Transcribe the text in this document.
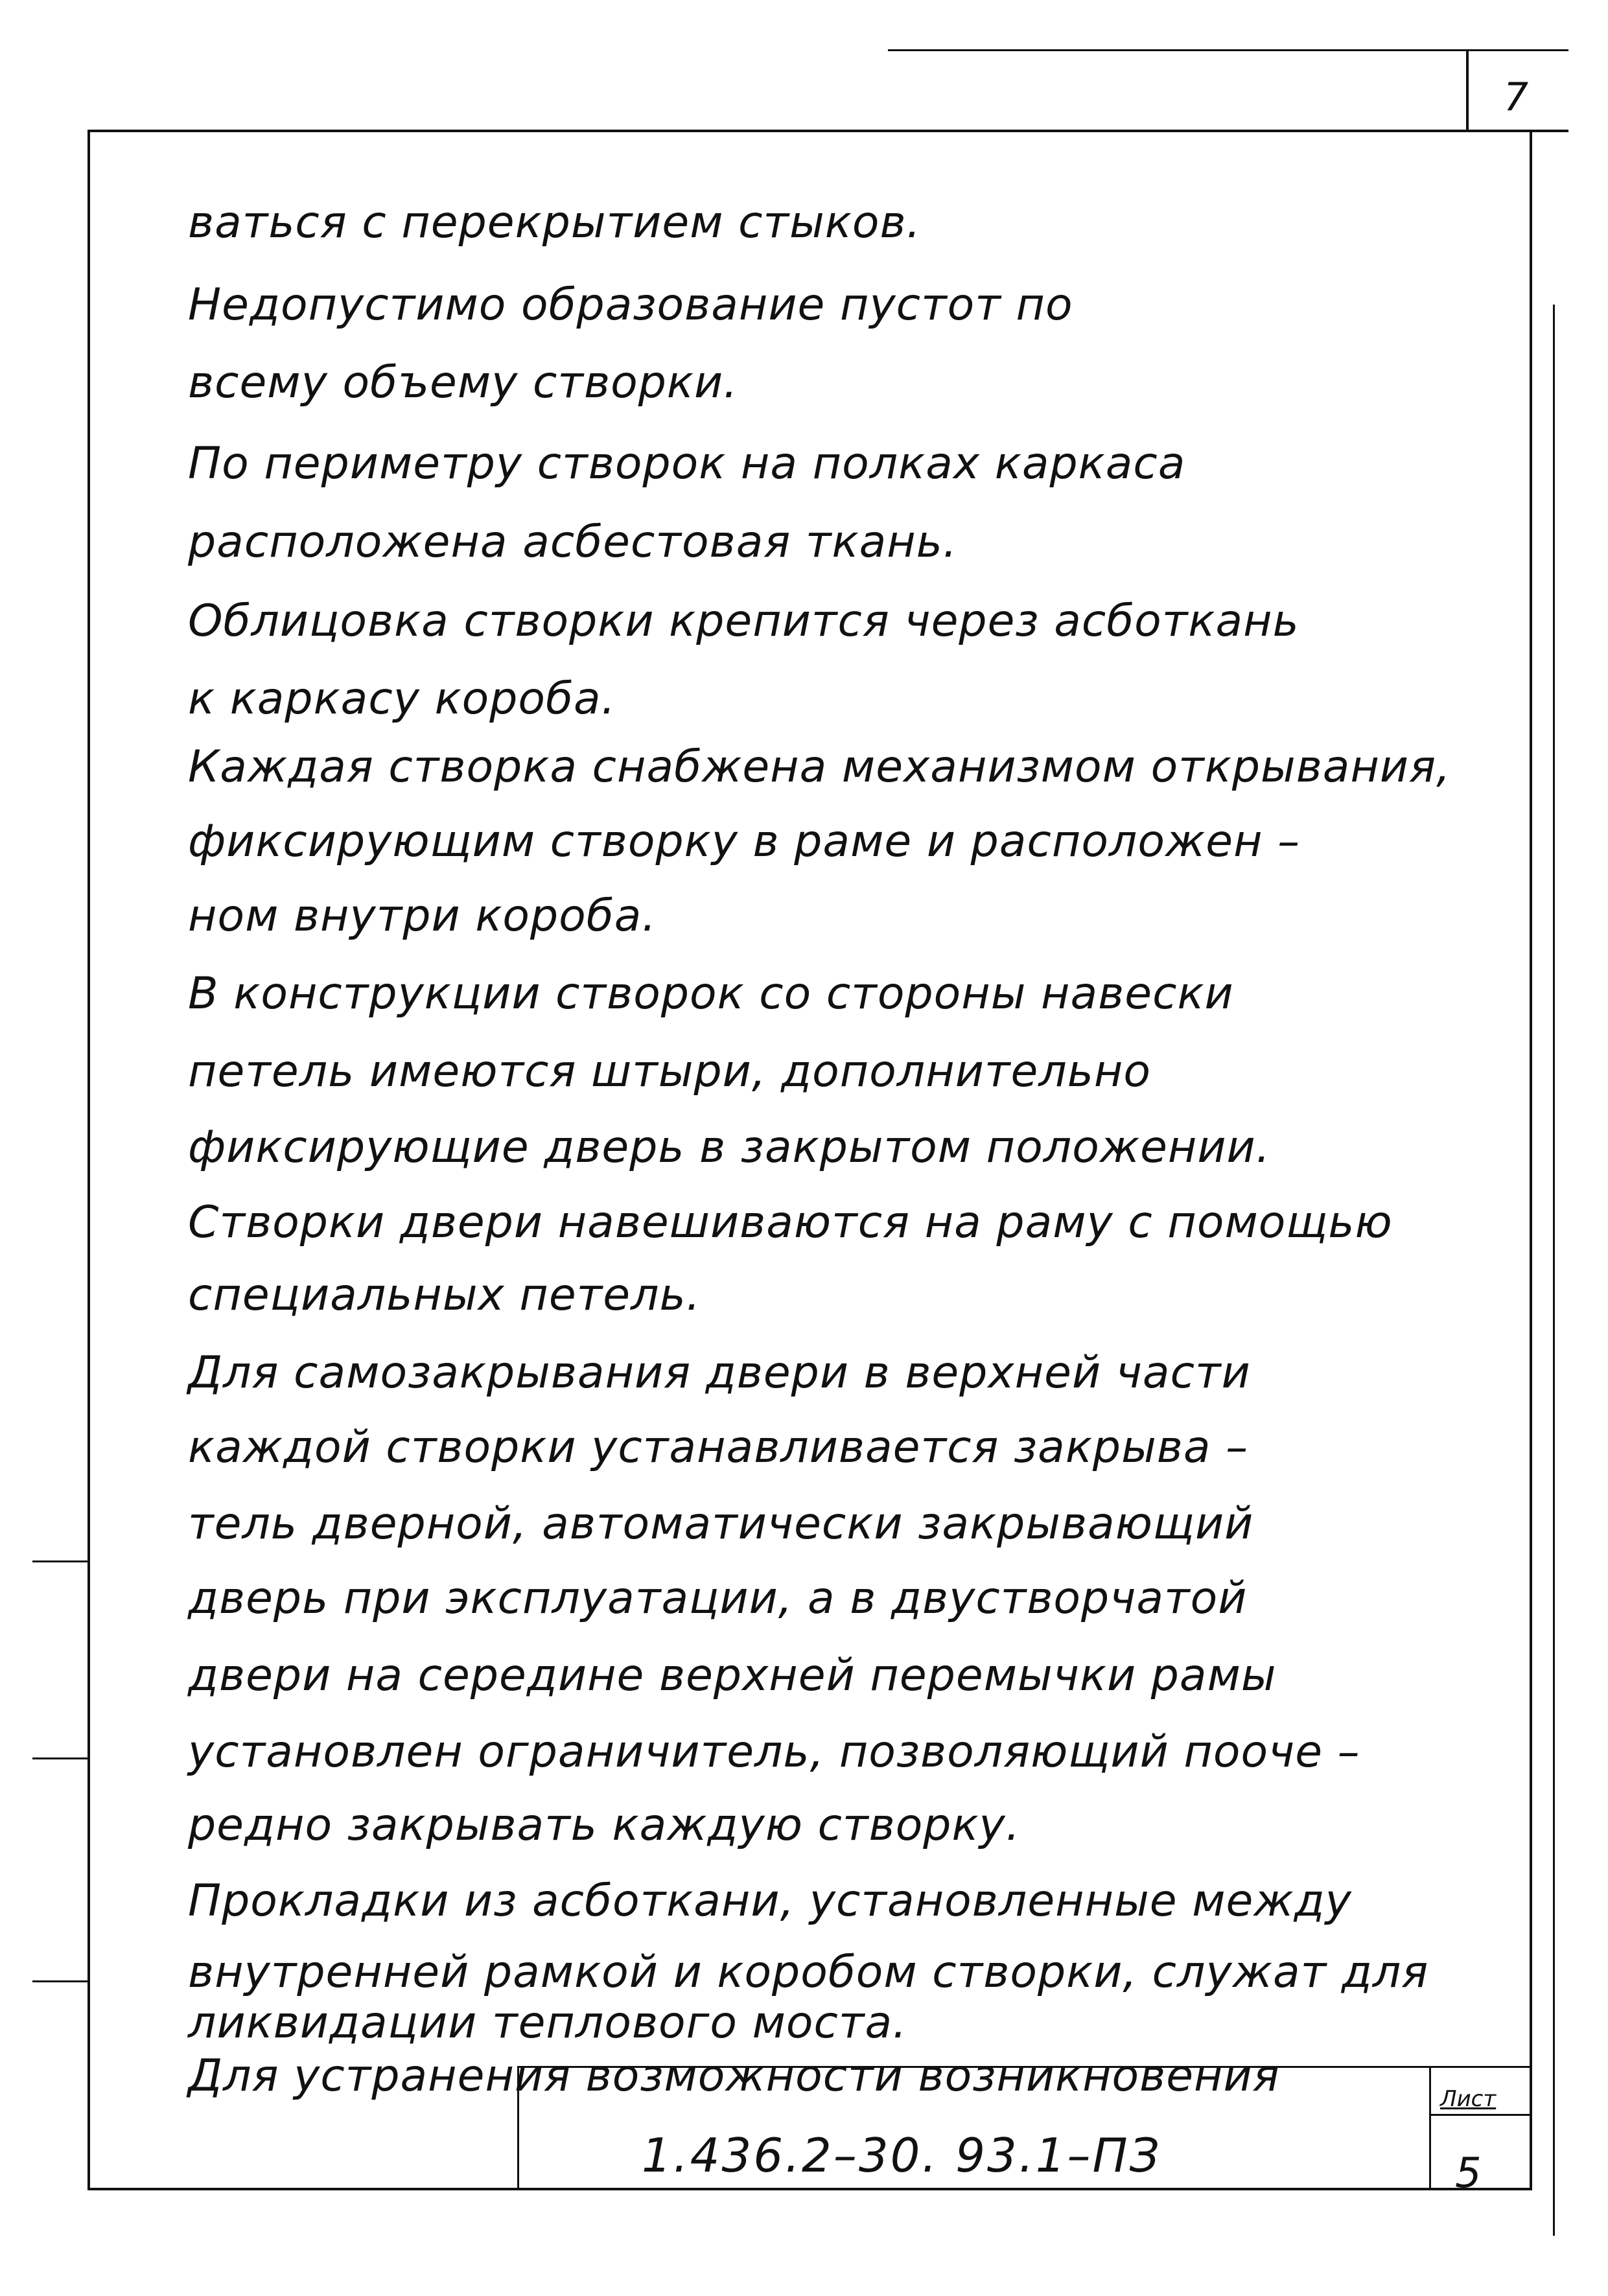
7
1.436.2–30. 93.1–ПЗ
Лист
5
ваться с перекрытием стыков.
Недопустимо образование пустот по
всему объему створки.
По периметру створок на полках каркаса
расположена асбестовая ткань.
Облицовка створки крепится через асботкань
к каркасу короба.
Каждая створка снабжена механизмом открывания,
фиксирующим створку в раме и расположен –
ном внутри короба.
В конструкции створок со стороны навески
петель имеются штыри, дополнительно
фиксирующие дверь в закрытом положении.
Створки двери навешиваются на раму с помощью
специальных петель.
Для самозакрывания двери в верхней части
каждой створки устанавливается закрыва –
тель дверной, автоматически закрывающий
дверь при эксплуатации, а в двустворчатой
двери на середине верхней перемычки рамы
установлен ограничитель, позволяющий пооче –
редно закрывать каждую створку.
Прокладки из асботкани, установленные между
внутренней рамкой и коробом створки, служат для
ликвидации теплового моста.
Для устранения возможности возникновения
